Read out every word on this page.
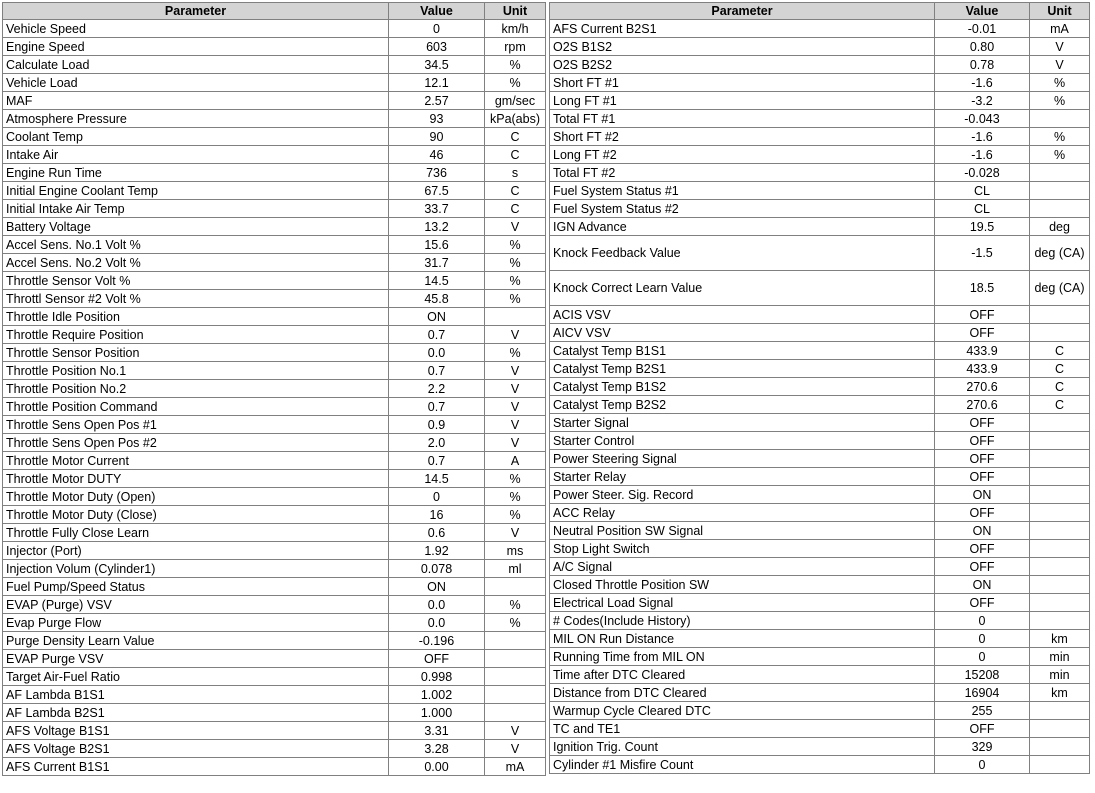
Parameter	Value	Unit
Vehicle Speed	0	km/h
Engine Speed	603	rpm
Calculate Load	34.5	%
Vehicle Load	12.1	%
MAF	2.57	gm/sec
Atmosphere Pressure	93	kPa(abs)
Coolant Temp	90	C
Intake Air	46	C
Engine Run Time	736	s
Initial Engine Coolant Temp	67.5	C
Initial Intake Air Temp	33.7	C
Battery Voltage	13.2	V
Accel Sens. No.1 Volt %	15.6	%
Accel Sens. No.2 Volt %	31.7	%
Throttle Sensor Volt %	14.5	%
Throttl Sensor #2 Volt %	45.8	%
Throttle Idle Position	ON	
Throttle Require Position	0.7	V
Throttle Sensor Position	0.0	%
Throttle Position No.1	0.7	V
Throttle Position No.2	2.2	V
Throttle Position Command	0.7	V
Throttle Sens Open Pos #1	0.9	V
Throttle Sens Open Pos #2	2.0	V
Throttle Motor Current	0.7	A
Throttle Motor DUTY	14.5	%
Throttle Motor Duty (Open)	0	%
Throttle Motor Duty (Close)	16	%
Throttle Fully Close Learn	0.6	V
Injector (Port)	1.92	ms
Injection Volum (Cylinder1)	0.078	ml
Fuel Pump/Speed Status	ON	
EVAP (Purge) VSV	0.0	%
Evap Purge Flow	0.0	%
Purge Density Learn Value	-0.196	
EVAP Purge VSV	OFF	
Target Air-Fuel Ratio	0.998	
AF Lambda B1S1	1.002	
AF Lambda B2S1	1.000	
AFS Voltage B1S1	3.31	V
AFS Voltage B2S1	3.28	V
AFS Current B1S1	0.00	mA
Parameter	Value	Unit
AFS Current B2S1	-0.01	mA
O2S B1S2	0.80	V
O2S B2S2	0.78	V
Short FT #1	-1.6	%
Long FT #1	-3.2	%
Total FT #1	-0.043	
Short FT #2	-1.6	%
Long FT #2	-1.6	%
Total FT #2	-0.028	
Fuel System Status #1	CL	
Fuel System Status #2	CL	
IGN Advance	19.5	deg
Knock Feedback Value	-1.5	deg (CA)
Knock Correct Learn Value	18.5	deg (CA)
ACIS VSV	OFF	
AICV VSV	OFF	
Catalyst Temp B1S1	433.9	C
Catalyst Temp B2S1	433.9	C
Catalyst Temp B1S2	270.6	C
Catalyst Temp B2S2	270.6	C
Starter Signal	OFF	
Starter Control	OFF	
Power Steering Signal	OFF	
Starter Relay	OFF	
Power Steer. Sig. Record	ON	
ACC Relay	OFF	
Neutral Position SW Signal	ON	
Stop Light Switch	OFF	
A/C Signal	OFF	
Closed Throttle Position SW	ON	
Electrical Load Signal	OFF	
# Codes(Include History)	0	
MIL ON Run Distance	0	km
Running Time from MIL ON	0	min
Time after DTC Cleared	15208	min
Distance from DTC Cleared	16904	km
Warmup Cycle Cleared DTC	255	
TC and TE1	OFF	
Ignition Trig. Count	329	
Cylinder #1 Misfire Count	0	
